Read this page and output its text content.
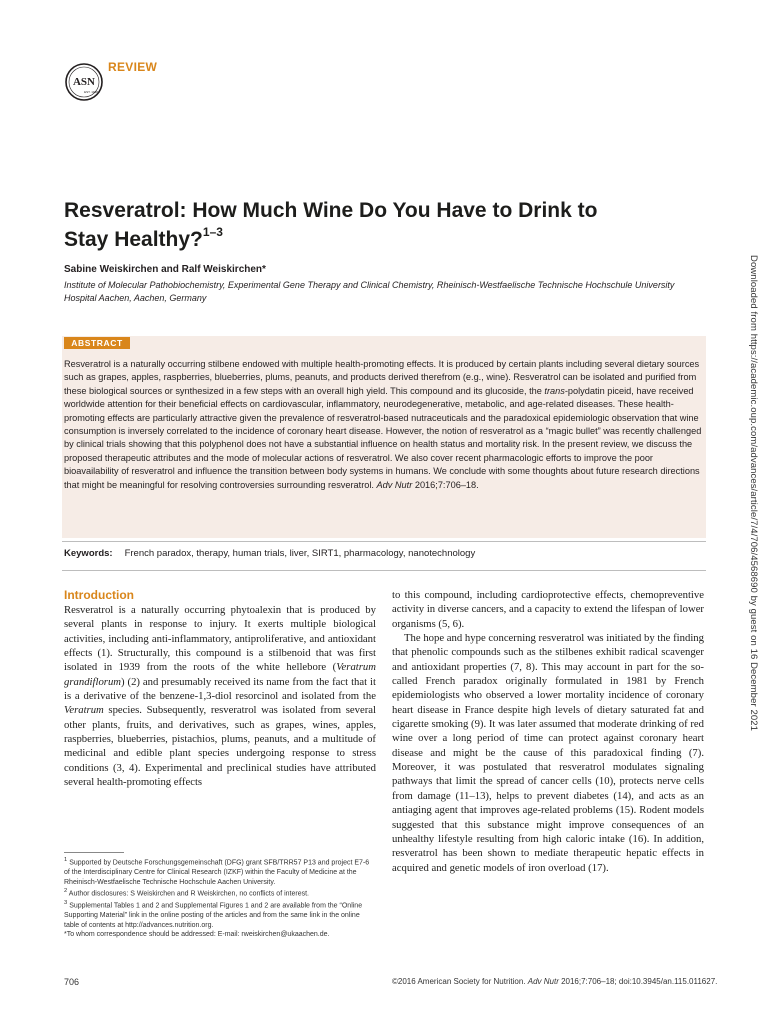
ASN
EST. 1928
REVIEW
Resveratrol: How Much Wine Do You Have to Drink to Stay Healthy?$^{1-3}$
Sabine Weiskirchen and Ralf Weiskirchen*
Institute of Molecular Pathobiochemistry, Experimental Gene Therapy and Clinical Chemistry, Rheinisch-Westfaelische Technische Hochschule University Hospital Aachen, Aachen, Germany
ABSTRACT
Resveratrol is a naturally occurring stilbene endowed with multiple health-promoting effects. It is produced by certain plants including several dietary sources such as grapes, apples, raspberries, blueberries, plums, peanuts, and products derived therefrom (e.g., wine). Resveratrol can be isolated and purified from these biological sources or synthesized in a few steps with an overall high yield. This compound and its glucoside, the trans-polydatin piceid, have received worldwide attention for their beneficial effects on cardiovascular, inflammatory, neurodegenerative, metabolic, and age-related diseases. These health-promoting effects are particularly attractive given the prevalence of resveratrol-based nutraceuticals and the paradoxical epidemiologic observation that wine consumption is inversely correlated to the incidence of coronary heart disease. However, the notion of resveratrol as a “magic bullet” was recently challenged by clinical trials showing that this polyphenol does not have a substantial influence on health status and mortality risk. In the present review, we discuss the proposed therapeutic attributes and the mode of molecular actions of resveratrol. We also cover recent pharmacologic efforts to improve the poor bioavailability of resveratrol and influence the transition between body systems in humans. We conclude with some thoughts about future research directions that might be meaningful for resolving controversies surrounding resveratrol. Adv Nutr 2016;7:706–18.
Keywords: French paradox, therapy, human trials, liver, SIRT1, pharmacology, nanotechnology
Introduction

Resveratrol is a naturally occurring phytoalexin that is produced by several plants in response to injury. It exerts multiple biological activities, including anti-inflammatory, antiproliferative, and antioxidant effects (1). Structurally, this compound is a stilbenoid that was first isolated in 1939 from the roots of the white hellebore (Veratrum grandiflorum) (2) and presumably received its name from the fact that it is a derivative of the benzene-1,3-diol resorcinol and isolated from the Veratrum species. Subsequently, resveratrol was isolated from several other plants, fruits, and derivatives, such as grapes, wines, apples, raspberries, blueberries, pistachios, plums, peanuts, and a multitude of medicinal and edible plant species undergoing response to stress conditions (3, 4). Experimental and preclinical studies have attributed several health-promoting effects

to this compound, including cardioprotective effects, chemopreventive activity in diverse cancers, and a capacity to extend the lifespan of lower organisms (5, 6).

The hope and hype concerning resveratrol was initiated by the finding that phenolic compounds such as the stilbenes exhibit radical scavenger and antioxidant properties (7, 8). This may account in part for the so-called French paradox originally formulated in 1981 by French epidemiologists who observed a lower mortality incidence of coronary heart disease in France despite high levels of dietary saturated fat and cigarette smoking (9). It was later assumed that moderate drinking of red wine over a long period of time can protect against coronary heart disease and might be the cause of this paradoxical finding (7). Moreover, it was postulated that resveratrol modulates signaling pathways that limit the spread of cancer cells (10), protects nerve cells from damage (11–13), helps to prevent diabetes (14), and acts as an antiaging agent that improves age-related problems (15). Rodent models suggested that this substance might improve consequences of an unhealthy lifestyle resulting from high caloric intake (16). In addition, resveratrol has been shown to mediate therapeutic hepatic effects in acquired and genetic models of iron overload (17).

$^1$ Supported by Deutsche Forschungsgemeinschaft (DFG) grant SFB/TRR57 P13 and project E7-6 of the Interdisciplinary Centre for Clinical Research (IZKF) within the Faculty of Medicine at the Rheinisch-Westfaelische Technische Hochschule Aachen University.
$^2$ Author disclosures: S Weiskirchen and R Weiskirchen, no conflicts of interest.
$^3$ Supplemental Tables 1 and 2 and Supplemental Figures 1 and 2 are available from the “Online Supporting Material” link in the online posting of the articles and from the same link in the online table of contents at http://advances.nutrition.org.
*To whom correspondence should be addressed: E-mail: rweiskirchen@ukaachen.de.
Downloaded from https://academic.oup.com/advances/article/7/4/706/4568690 by guest on 16 December 2021
706	©2016 American Society for Nutrition. Adv Nutr 2016;7:706–18; doi:10.3945/an.115.011627.
